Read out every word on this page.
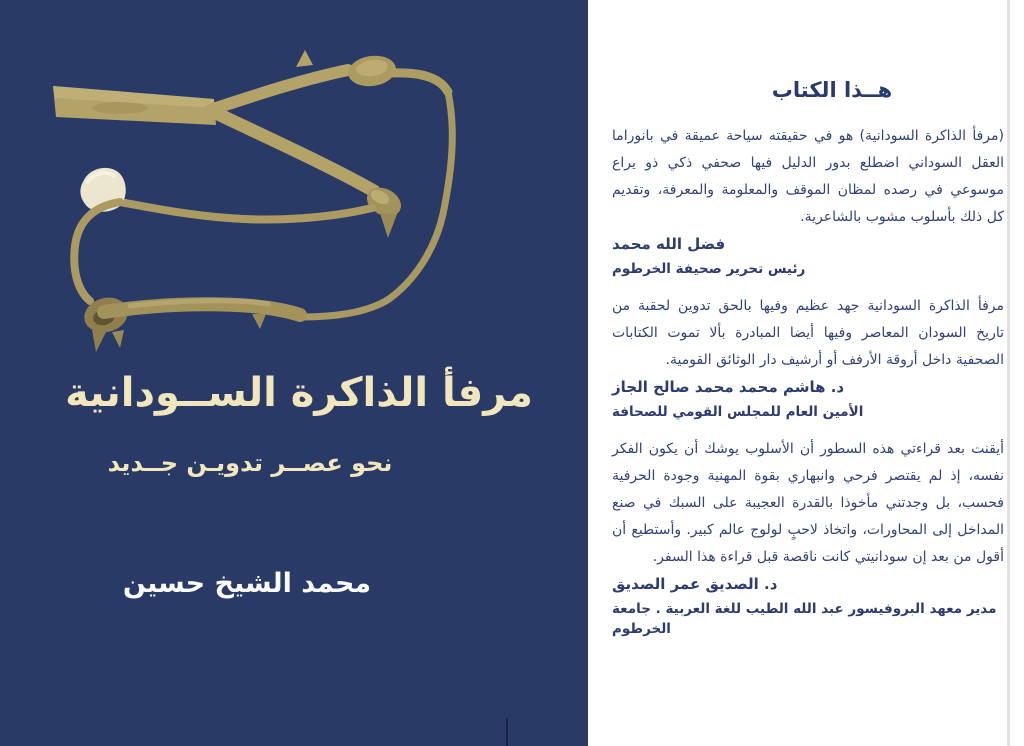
مرفأ الذاكرة الســودانية
نحو عصــر تدويـن جــديد
محمد الشيخ حسين
هــذا الكتاب

(مرفأ الذاكرة السودانية) هو في حقيقته سياحة عميقة في بانوراما العقل السوداني اضطلع بدور الدليل فيها صحفي ذكي ذو يراع موسوعي في رصده لمظان الموقف والمعلومة والمعرفة، وتقديم كل ذلك بأسلوب مشوب بالشاعرية.

فضل الله محمد
رئيس تحرير صحيفة الخرطوم

مرفأ الذاكرة السودانية جهد عظيم وفيها بالحق تدوين لحقبة من تاريخ السودان المعاصر وفيها أيضا المبادرة بألا تموت الكتابات الصحفية داخل أروقة الأرفف أو أرشيف دار الوثائق القومية.

د. هاشم محمد محمد صالح الجاز
الأمين العام للمجلس القومي للصحافة

أيقنت بعد قراءتي هذه السطور أن الأسلوب يوشك أن يكون الفكر نفسه، إذ لم يقتصر فرحي وانبهاري بقوة المهنية وجودة الحرفية فحسب، بل وجدتني مأخوذا بالقدرة العجيبة على السبك في صنع المداخل إلى المحاورات، واتخاذ لاحبٍ لولوج عالم كبير. وأستطيع أن أقول من بعد إن سودانيتي كانت ناقصة قبل قراءة هذا السفر.

د. الصديق عمر الصديق
مدير معهد البروفيسور عبد الله الطيب للغة العربية . جامعة الخرطوم
